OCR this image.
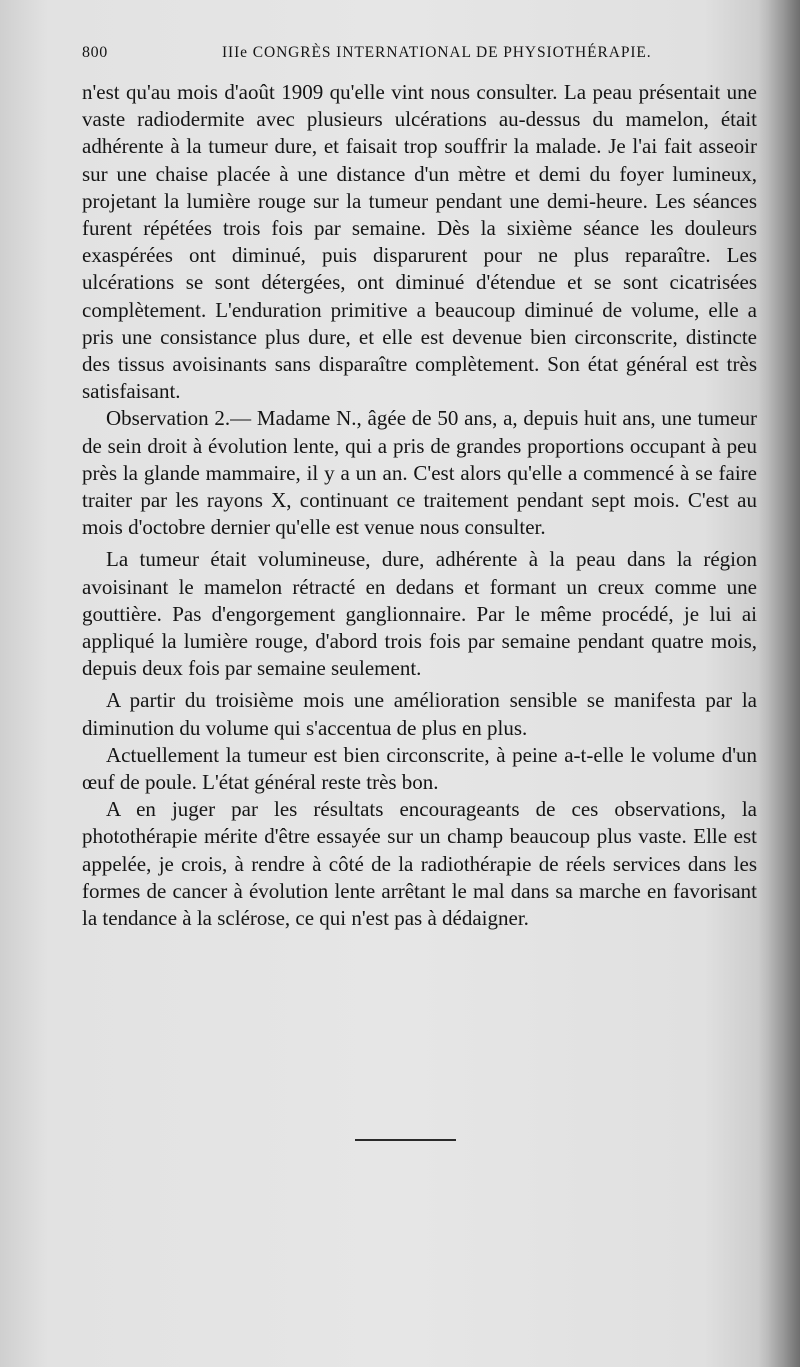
800	IIIe CONGRÈS INTERNATIONAL DE PHYSIOTHÉRAPIE.

n'est qu'au mois d'août 1909 qu'elle vint nous consulter. La peau présentait une vaste radiodermite avec plusieurs ulcérations au-dessus du mamelon, était adhérente à la tumeur dure, et faisait trop souffrir la malade. Je l'ai fait asseoir sur une chaise placée à une distance d'un mètre et demi du foyer lumineux, projetant la lumière rouge sur la tumeur pendant une demi-heure. Les séances furent répétées trois fois par semaine. Dès la sixième séance les douleurs exaspérées ont diminué, puis disparurent pour ne plus reparaître. Les ulcérations se sont détergées, ont diminué d'étendue et se sont cicatrisées complètement. L'enduration primitive a beaucoup diminué de volume, elle a pris une consistance plus dure, et elle est devenue bien circonscrite, distincte des tissus avoisinants sans disparaître complètement. Son état général est très satisfaisant.

Observation 2.— Madame N., âgée de 50 ans, a, depuis huit ans, une tumeur de sein droit à évolution lente, qui a pris de grandes proportions occupant à peu près la glande mammaire, il y a un an. C'est alors qu'elle a commencé à se faire traiter par les rayons X, continuant ce traitement pendant sept mois. C'est au mois d'octobre dernier qu'elle est venue nous consulter.

La tumeur était volumineuse, dure, adhérente à la peau dans la région avoisinant le mamelon rétracté en dedans et formant un creux comme une gouttière. Pas d'engorgement ganglionnaire. Par le même procédé, je lui ai appliqué la lumière rouge, d'abord trois fois par semaine pendant quatre mois, depuis deux fois par semaine seulement.

A partir du troisième mois une amélioration sensible se manifesta par la diminution du volume qui s'accentua de plus en plus.

Actuellement la tumeur est bien circonscrite, à peine a-t-elle le volume d'un œuf de poule. L'état général reste très bon.

A en juger par les résultats encourageants de ces observations, la photothérapie mérite d'être essayée sur un champ beaucoup plus vaste. Elle est appelée, je crois, à rendre à côté de la radiothérapie de réels services dans les formes de cancer à évolution lente arrêtant le mal dans sa marche en favorisant la tendance à la sclérose, ce qui n'est pas à dédaigner.
